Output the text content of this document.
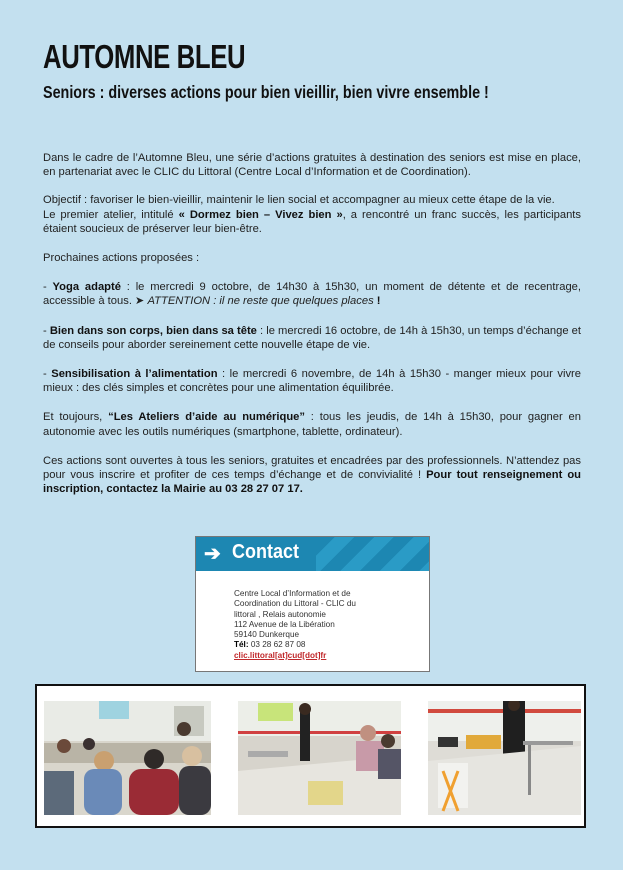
AUTOMNE BLEU
Seniors : diverses actions pour bien vieillir, bien vivre ensemble !

Dans le cadre de l’Automne Bleu, une série d’actions gratuites à destination des seniors est mise en place, en partenariat avec le CLIC du Littoral (Centre Local d’Information et de Coordination).

Objectif : favoriser le bien-vieillir, maintenir le lien social et accompagner au mieux cette étape de la vie.
Le premier atelier, intitulé « Dormez bien – Vivez bien », a rencontré un franc succès, les participants étaient soucieux de préserver leur bien-être.

Prochaines actions proposées :

- Yoga adapté : le mercredi 9 octobre, de 14h30 à 15h30, un moment de détente et de recentrage, accessible à tous. ➤ ATTENTION : il ne reste que quelques places !

- Bien dans son corps, bien dans sa tête : le mercredi 16 octobre, de 14h à 15h30, un temps d’échange et de conseils pour aborder sereinement cette nouvelle étape de vie.

- Sensibilisation à l’alimentation : le mercredi 6 novembre, de 14h à 15h30 - manger mieux pour vivre mieux : des clés simples et concrètes pour une alimentation équilibrée.

Et toujours, “Les Ateliers d’aide au numérique” : tous les jeudis, de 14h à 15h30, pour gagner en autonomie avec les outils numériques (smartphone, tablette, ordinateur).

Ces actions sont ouvertes à tous les seniors, gratuites et encadrées par des professionnels. N’attendez pas pour vous inscrire et profiter de ces temps d’échange et de convivialité ! Pour tout renseignement ou inscription, contactez la Mairie au 03 28 27 07 17.

➔ Contact
Centre Local d’Information et de
Coordination du Littoral - CLIC du
littoral , Relais autonomie
112 Avenue de la Libération
59140 Dunkerque
Tél: 03 28 62 87 08
clic.littoral[at]cud[dot]fr
